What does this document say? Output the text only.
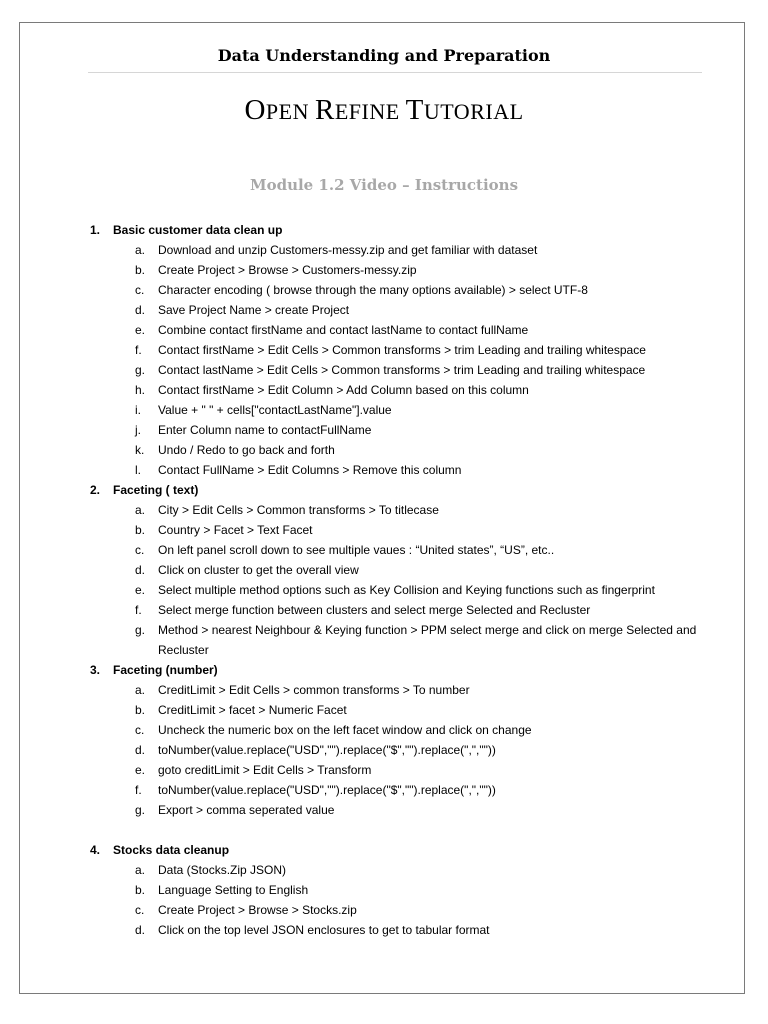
Data Understanding and Preparation
OPEN REFINE TUTORIAL
Module 1.2 Video – Instructions
1. Basic customer data clean up
a. Download and unzip Customers-messy.zip and get familiar with dataset
b. Create Project > Browse > Customers-messy.zip
c. Character encoding ( browse through the many options available) > select UTF-8
d. Save Project Name > create Project
e. Combine contact firstName and contact lastName to contact fullName
f. Contact firstName > Edit Cells > Common transforms > trim Leading and trailing whitespace
g. Contact lastName > Edit Cells > Common transforms > trim Leading and trailing whitespace
h. Contact firstName > Edit Column > Add Column based on this column
i. Value + " " + cells["contactLastName"].value
j. Enter Column name to contactFullName
k. Undo / Redo to go back and forth
l. Contact FullName > Edit Columns > Remove this column
2. Faceting ( text)
a. City > Edit Cells > Common transforms > To titlecase
b. Country > Facet > Text Facet
c. On left panel scroll down to see multiple vaues : “United states”, “US”, etc..
d. Click on cluster to get the overall view
e. Select multiple method options such as Key Collision and Keying functions such as fingerprint
f. Select merge function between clusters and select merge Selected and Recluster
g. Method > nearest Neighbour & Keying function > PPM select merge and click on merge Selected and Recluster
3. Faceting (number)
a. CreditLimit > Edit Cells > common transforms > To number
b. CreditLimit > facet > Numeric Facet
c. Uncheck the numeric box on the left facet window and click on change
d. toNumber(value.replace("USD","").replace("$","").replace(",",""))
e. goto creditLimit > Edit Cells > Transform
f. toNumber(value.replace("USD","").replace("$","").replace(",",""))
g. Export > comma seperated value
4. Stocks data cleanup
a. Data (Stocks.Zip JSON)
b. Language Setting to English
c. Create Project > Browse > Stocks.zip
d. Click on the top level JSON enclosures to get to tabular format
